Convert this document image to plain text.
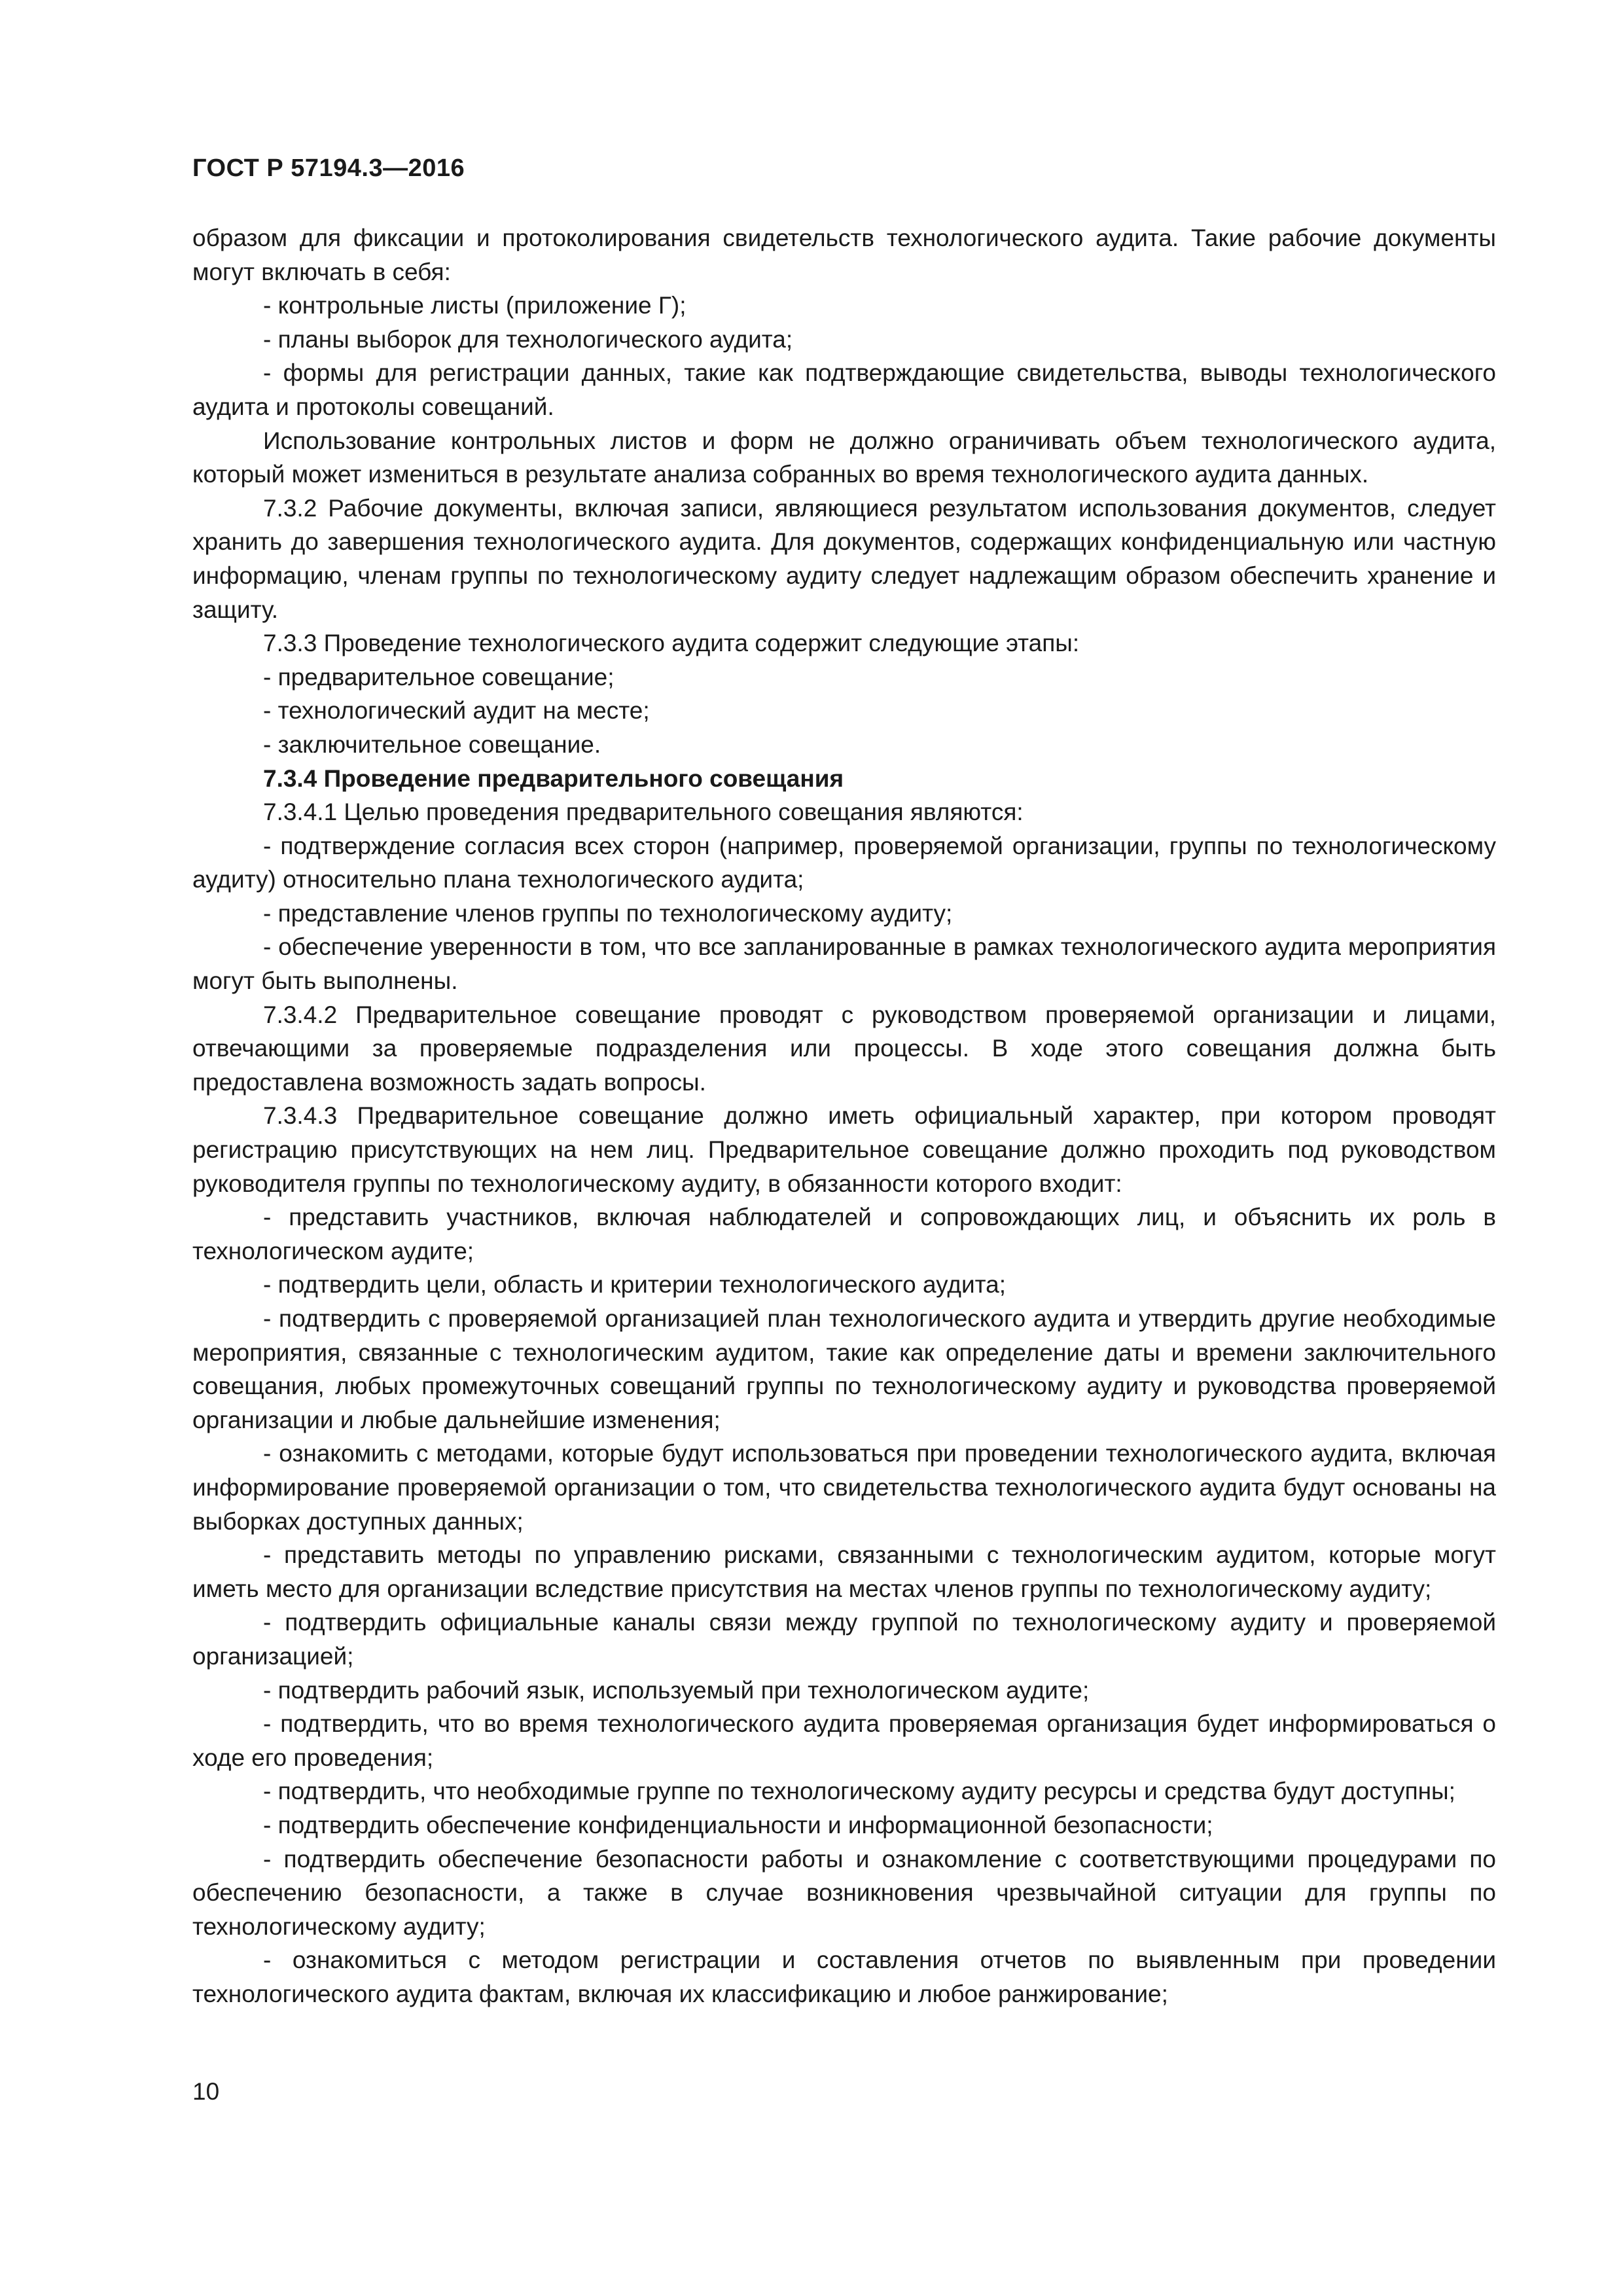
ГОСТ Р 57194.3—2016

образом для фиксации и протоколирования свидетельств технологического аудита. Такие рабочие документы могут включать в себя:

- контрольные листы (приложение Г);

- планы выборок для технологического аудита;

- формы для регистрации данных, такие как подтверждающие свидетельства, выводы технологического аудита и протоколы совещаний.

Использование контрольных листов и форм не должно ограничивать объем технологического аудита, который может измениться в результате анализа собранных во время технологического аудита данных.

7.3.2 Рабочие документы, включая записи, являющиеся результатом использования документов, следует хранить до завершения технологического аудита. Для документов, содержащих конфиденциальную или частную информацию, членам группы по технологическому аудиту следует надлежащим образом обеспечить хранение и защиту.

7.3.3 Проведение технологического аудита содержит следующие этапы:

- предварительное совещание;

- технологический аудит на месте;

- заключительное совещание.

7.3.4 Проведение предварительного совещания

7.3.4.1 Целью проведения предварительного совещания являются:

- подтверждение согласия всех сторон (например, проверяемой организации, группы по технологическому аудиту) относительно плана технологического аудита;

- представление членов группы по технологическому аудиту;

- обеспечение уверенности в том, что все запланированные в рамках технологического аудита мероприятия могут быть выполнены.

7.3.4.2 Предварительное совещание проводят с руководством проверяемой организации и лицами, отвечающими за проверяемые подразделения или процессы. В ходе этого совещания должна быть предоставлена возможность задать вопросы.

7.3.4.3 Предварительное совещание должно иметь официальный характер, при котором проводят регистрацию присутствующих на нем лиц. Предварительное совещание должно проходить под руководством руководителя группы по технологическому аудиту, в обязанности которого входит:

- представить участников, включая наблюдателей и сопровождающих лиц, и объяснить их роль в технологическом аудите;

- подтвердить цели, область и критерии технологического аудита;

- подтвердить с проверяемой организацией план технологического аудита и утвердить другие необходимые мероприятия, связанные с технологическим аудитом, такие как определение даты и времени заключительного совещания, любых промежуточных совещаний группы по технологическому аудиту и руководства проверяемой организации и любые дальнейшие изменения;

- ознакомить с методами, которые будут использоваться при проведении технологического аудита, включая информирование проверяемой организации о том, что свидетельства технологического аудита будут основаны на выборках доступных данных;

- представить методы по управлению рисками, связанными с технологическим аудитом, которые могут иметь место для организации вследствие присутствия на местах членов группы по технологическому аудиту;

- подтвердить официальные каналы связи между группой по технологическому аудиту и проверяемой организацией;

- подтвердить рабочий язык, используемый при технологическом аудите;

- подтвердить, что во время технологического аудита проверяемая организация будет информироваться о ходе его проведения;

- подтвердить, что необходимые группе по технологическому аудиту ресурсы и средства будут доступны;

- подтвердить обеспечение конфиденциальности и информационной безопасности;

- подтвердить обеспечение безопасности работы и ознакомление с соответствующими процедурами по обеспечению безопасности, а также в случае возникновения чрезвычайной ситуации для группы по технологическому аудиту;

- ознакомиться с методом регистрации и составления отчетов по выявленным при проведении технологического аудита фактам, включая их классификацию и любое ранжирование;

10
